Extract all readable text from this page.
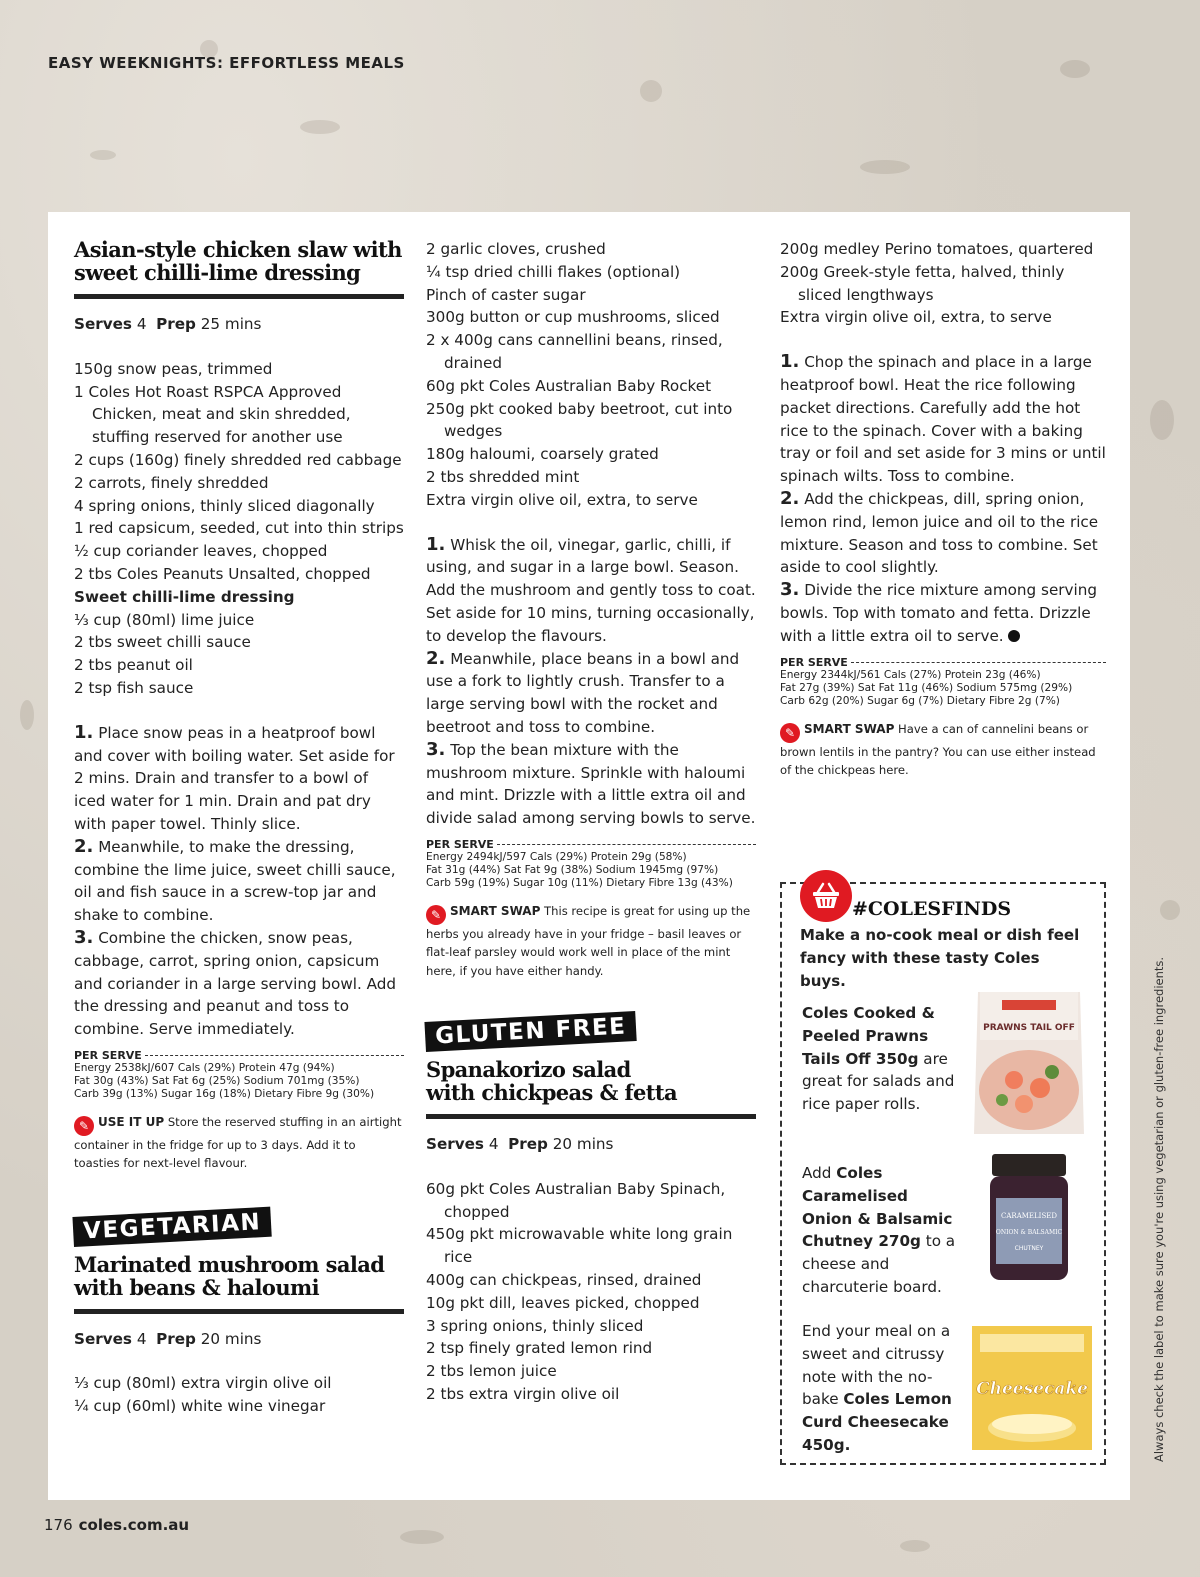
EASY WEEKNIGHTS: EFFORTLESS MEALS
Asian-style chicken slaw with
sweet chilli-lime dressing
Serves 4 Prep 25 mins
150g snow peas, trimmed
1 Coles Hot Roast RSPCA Approved Chicken, meat and skin shredded, stuffing reserved for another use
2 cups (160g) finely shredded red cabbage
2 carrots, finely shredded
4 spring onions, thinly sliced diagonally
1 red capsicum, seeded, cut into thin strips
½ cup coriander leaves, chopped
2 tbs Coles Peanuts Unsalted, chopped
Sweet chilli-lime dressing
⅓ cup (80ml) lime juice
2 tbs sweet chilli sauce
2 tbs peanut oil
2 tsp fish sauce
1. Place snow peas in a heatproof bowl and cover with boiling water. Set aside for 2 mins. Drain and transfer to a bowl of iced water for 1 min. Drain and pat dry with paper towel. Thinly slice.
2. Meanwhile, to make the dressing, combine the lime juice, sweet chilli sauce, oil and fish sauce in a screw-top jar and shake to combine.
3. Combine the chicken, snow peas, cabbage, carrot, spring onion, capsicum and coriander in a large serving bowl. Add the dressing and peanut and toss to combine. Serve immediately.
PER SERVE
Energy 2538kJ/607 Cals (29%) Protein 47g (94%)
Fat 30g (43%) Sat Fat 6g (25%) Sodium 701mg (35%)
Carb 39g (13%) Sugar 16g (18%) Dietary Fibre 9g (30%)
✎ USE IT UP Store the reserved stuffing in an airtight container in the fridge for up to 3 days. Add it to toasties for next-level flavour.
VEGETARIAN
Marinated mushroom salad
with beans & haloumi
Serves 4 Prep 20 mins
⅓ cup (80ml) extra virgin olive oil
¼ cup (60ml) white wine vinegar
2 garlic cloves, crushed
¼ tsp dried chilli flakes (optional)
Pinch of caster sugar
300g button or cup mushrooms, sliced
2 x 400g cans cannellini beans, rinsed, drained
60g pkt Coles Australian Baby Rocket
250g pkt cooked baby beetroot, cut into wedges
180g haloumi, coarsely grated
2 tbs shredded mint
Extra virgin olive oil, extra, to serve
1. Whisk the oil, vinegar, garlic, chilli, if using, and sugar in a large bowl. Season. Add the mushroom and gently toss to coat. Set aside for 10 mins, turning occasionally, to develop the flavours.
2. Meanwhile, place beans in a bowl and use a fork to lightly crush. Transfer to a large serving bowl with the rocket and beetroot and toss to combine.
3. Top the bean mixture with the mushroom mixture. Sprinkle with haloumi and mint. Drizzle with a little extra oil and divide salad among serving bowls to serve.
PER SERVE
Energy 2494kJ/597 Cals (29%) Protein 29g (58%)
Fat 31g (44%) Sat Fat 9g (38%) Sodium 1945mg (97%)
Carb 59g (19%) Sugar 10g (11%) Dietary Fibre 13g (43%)
✎ SMART SWAP This recipe is great for using up the herbs you already have in your fridge – basil leaves or flat-leaf parsley would work well in place of the mint here, if you have either handy.
GLUTEN FREE
Spanakorizo salad
with chickpeas & fetta
Serves 4 Prep 20 mins
60g pkt Coles Australian Baby Spinach, chopped
450g pkt microwavable white long grain rice
400g can chickpeas, rinsed, drained
10g pkt dill, leaves picked, chopped
3 spring onions, thinly sliced
2 tsp finely grated lemon rind
2 tbs lemon juice
2 tbs extra virgin olive oil
200g medley Perino tomatoes, quartered
200g Greek-style fetta, halved, thinly sliced lengthways
Extra virgin olive oil, extra, to serve
1. Chop the spinach and place in a large heatproof bowl. Heat the rice following packet directions. Carefully add the hot rice to the spinach. Cover with a baking tray or foil and set aside for 3 mins or until spinach wilts. Toss to combine.
2. Add the chickpeas, dill, spring onion, lemon rind, lemon juice and oil to the rice mixture. Season and toss to combine. Set aside to cool slightly.
3. Divide the rice mixture among serving bowls. Top with tomato and fetta. Drizzle with a little extra oil to serve.
PER SERVE
Energy 2344kJ/561 Cals (27%) Protein 23g (46%)
Fat 27g (39%) Sat Fat 11g (46%) Sodium 575mg (29%)
Carb 62g (20%) Sugar 6g (7%) Dietary Fibre 2g (7%)
✎ SMART SWAP Have a can of cannelini beans or brown lentils in the pantry? You can use either instead of the chickpeas here.
#COLESFINDS
Make a no-cook meal or dish feel fancy with these tasty Coles buys.
Coles Cooked & Peeled Prawns Tails Off 350g are great for salads and rice paper rolls.
PRAWNS TAIL OFF
Add Coles Caramelised Onion & Balsamic Chutney 270g to a cheese and charcuterie board.
CARAMELISED
ONION & BALSAMIC
CHUTNEY
End your meal on a sweet and citrussy note with the no-bake Coles Lemon Curd Cheesecake 450g.
Cheesecake	Always check the label to make sure you're using vegetarian or gluten-free ingredients.
176 coles.com.au
